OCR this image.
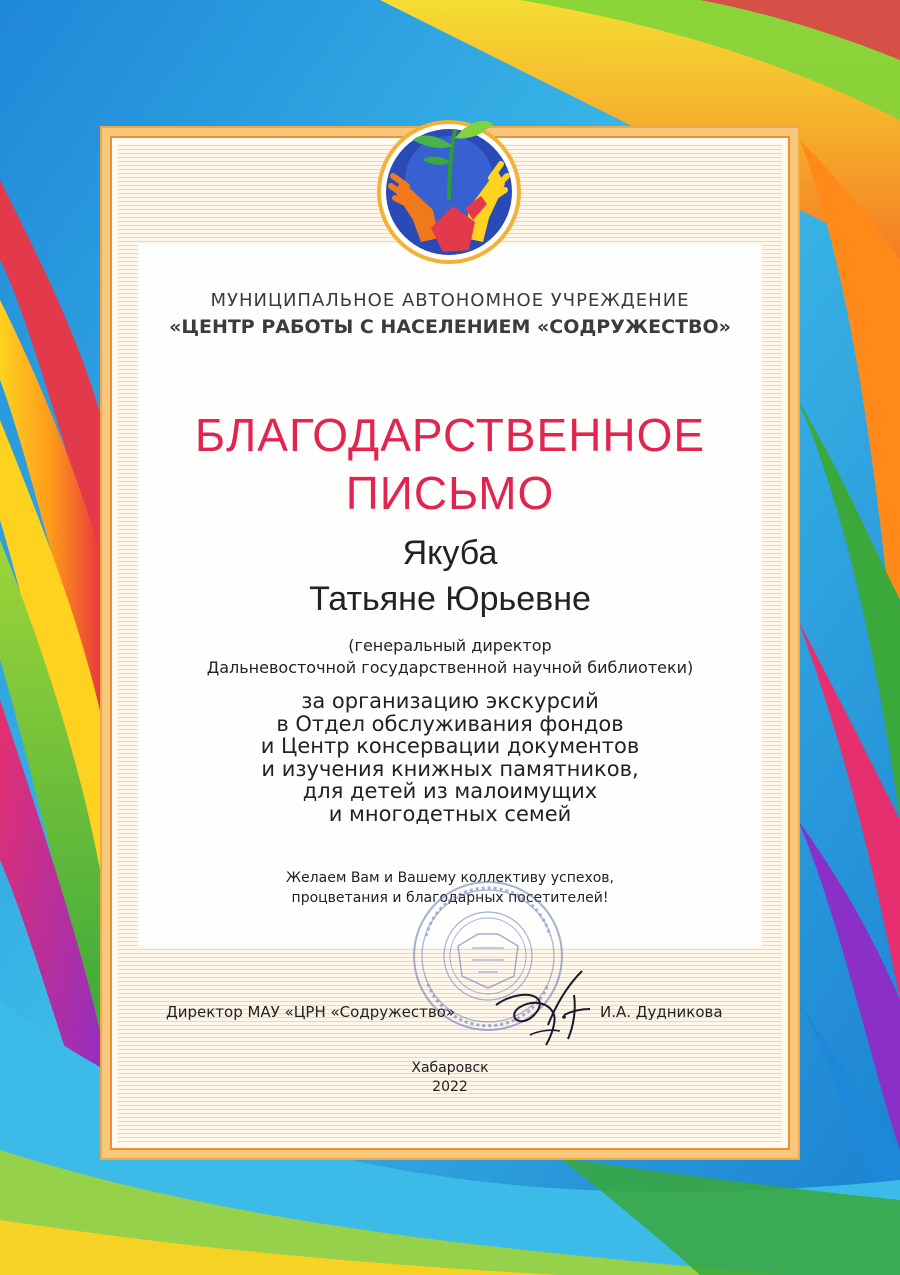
МУНИЦИПАЛЬНОЕ АВТОНОМНОЕ УЧРЕЖДЕНИЕ
«ЦЕНТР РАБОТЫ С НАСЕЛЕНИЕМ «СОДРУЖЕСТВО»
БЛАГОДАРСТВЕННОЕ
ПИСЬМО
Якуба
Татьяне Юрьевне
(генеральный директор
Дальневосточной государственной научной библиотеки)
за организацию экскурсий
в Отдел обслуживания фондов
и Центр консервации документов
и изучения книжных памятников,
для детей из малоимущих
и многодетных семей
Желаем Вам и Вашему коллективу успехов,
процветания и благодарных посетителей!
Директор МАУ «ЦРН «Содружество»	И.А. Дудникова
Хабаровск
2022
